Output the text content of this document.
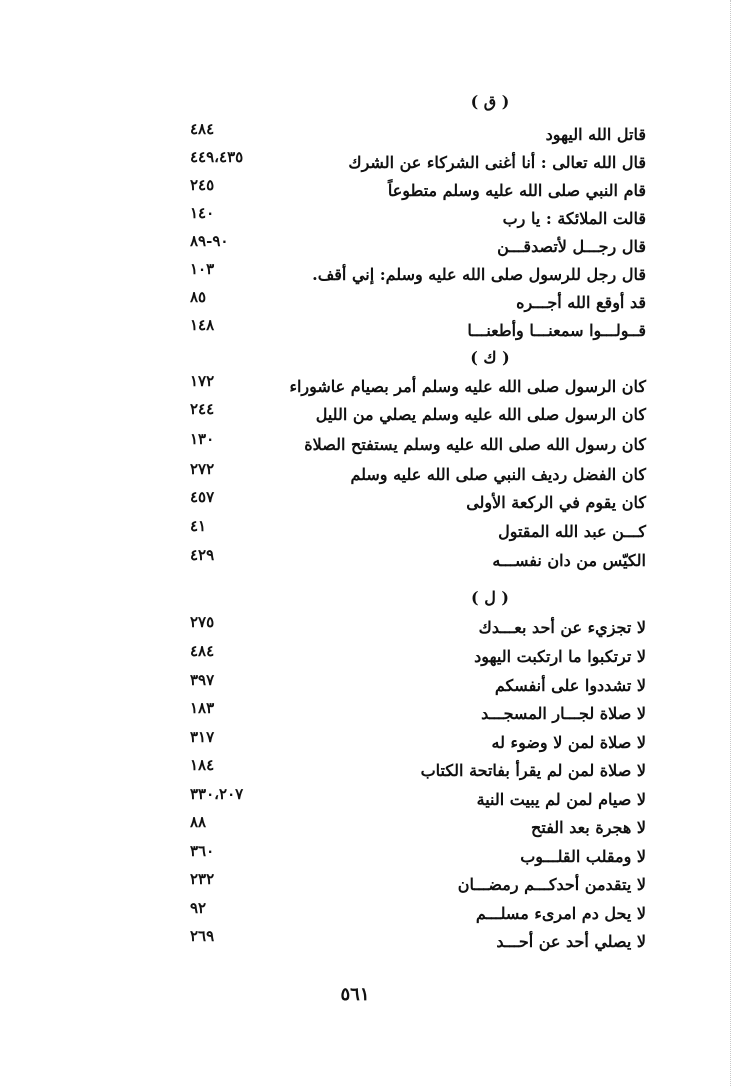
( ق )
قاتل الله اليهود
٤٨٤
قال الله تعالى : أنا أغنى الشركاء عن الشرك
٤٤٩،٤٣٥
قام النبي صلى الله عليه وسلم متطوعاً
٢٤٥
قالت الملائكة : يا رب
١٤٠
قال رجـــل لأتصدقـــن
٩٠-٨٩
قال رجل للرسول صلى الله عليه وسلم: إني أقف.
١٠٣
قد أوقع الله أجـــره
٨٥
قــولـــوا سمعنـــا وأطعنـــا
١٤٨
( ك )
كان الرسول صلى الله عليه وسلم أمر بصيام عاشوراء
١٧٢
كان الرسول صلى الله عليه وسلم يصلي من الليل
٢٤٤
كان رسول الله صلى الله عليه وسلم يستفتح الصلاة
١٣٠
كان الفضل رديف النبي صلى الله عليه وسلم
٢٧٢
كان يقوم في الركعة الأولى
٤٥٧
كـــن عبد الله المقتول
٤١
الكيّس من دان نفســـه
٤٢٩
( ل )
لا تجزيء عن أحد بعـــدك
٢٧٥
لا ترتكبوا ما ارتكبت اليهود
٤٨٤
لا تشددوا على أنفسكم
٣٩٧
لا صلاة لجـــار المسجـــد
١٨٣
لا صلاة لمن لا وضوء له
٣١٧
لا صلاة لمن لم يقرأ بفاتحة الكتاب
١٨٤
لا صيام لمن لم يبيت النية
٣٣٠،٢٠٧
لا هجرة بعد الفتح
٨٨
لا ومقلب القلـــوب
٣٦٠
لا يتقدمن أحدكـــم رمضـــان
٢٣٢
لا يحل دم امرىء مسلـــم
٩٢
لا يصلي أحد عن أحـــد
٢٦٩
٥٦١
